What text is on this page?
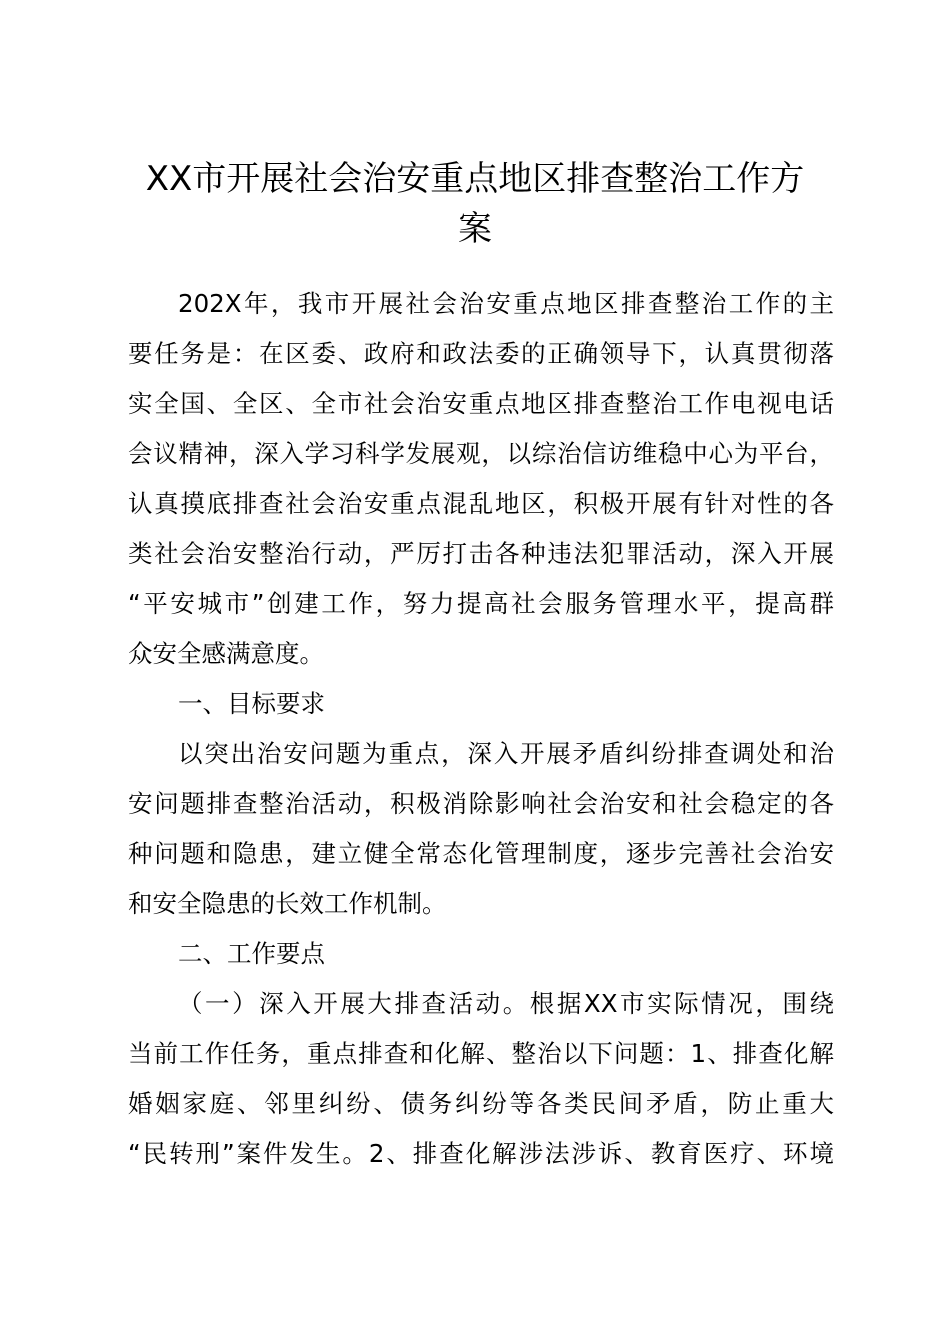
XX市开展社会治安重点地区排查整治工作方
案
202X年，我市开展社会治安重点地区排查整治工作的主
要任务是：在区委、政府和政法委的正确领导下，认真贯彻落
实全国、全区、全市社会治安重点地区排查整治工作电视电话
会议精神，深入学习科学发展观，以综治信访维稳中心为平台，
认真摸底排查社会治安重点混乱地区，积极开展有针对性的各
类社会治安整治行动，严厉打击各种违法犯罪活动，深入开展
“平安城市”创建工作，努力提高社会服务管理水平，提高群
众安全感满意度。
一、目标要求
以突出治安问题为重点，深入开展矛盾纠纷排查调处和治
安问题排查整治活动，积极消除影响社会治安和社会稳定的各
种问题和隐患，建立健全常态化管理制度，逐步完善社会治安
和安全隐患的长效工作机制。
二、工作要点
（一）深入开展大排查活动。根据XX市实际情况，围绕
当前工作任务，重点排查和化解、整治以下问题：1、排查化解
婚姻家庭、邻里纠纷、债务纠纷等各类民间矛盾，防止重大
“民转刑”案件发生。2、排查化解涉法涉诉、教育医疗、环境
